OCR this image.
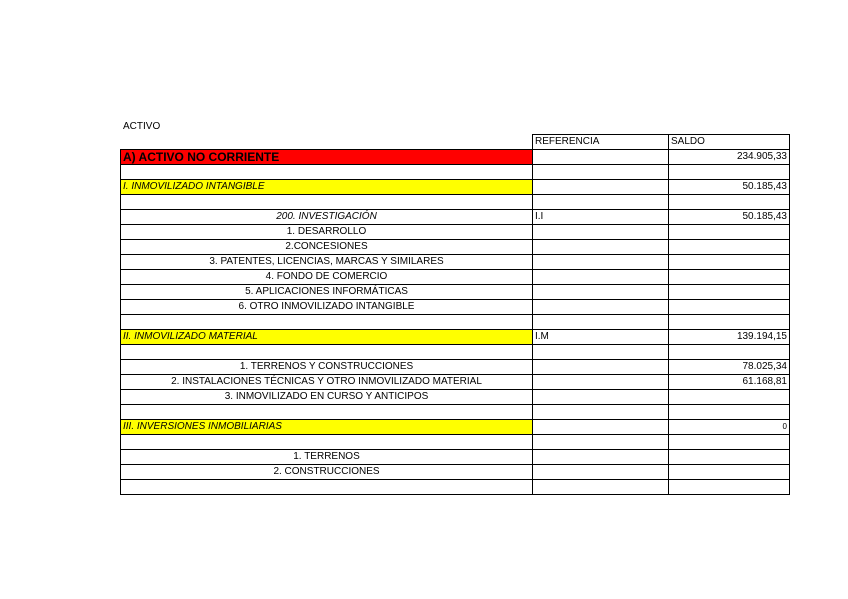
ACTIVO
	REFERENCIA	SALDO
A) ACTIVO NO CORRIENTE		234.905,33

I. INMOVILIZADO INTANGIBLE		50.185,43

200. INVESTIGACIÓN	I.I	50.185,43
1. DESARROLLO		
2.CONCESIONES		
3. PATENTES, LICENCIAS, MARCAS Y SIMILARES		
4. FONDO DE COMERCIO		
5. APLICACIONES INFORMÁTICAS		
6. OTRO INMOVILIZADO INTANGIBLE		

II. INMOVILIZADO MATERIAL	I.M	139.194,15

1. TERRENOS Y CONSTRUCCIONES		78.025,34
2. INSTALACIONES TÉCNICAS Y OTRO INMOVILIZADO MATERIAL		61.168,81
3. INMOVILIZADO EN CURSO Y ANTICIPOS		

III. INVERSIONES INMOBILIARIAS		0

1. TERRENOS		
2. CONSTRUCCIONES		
